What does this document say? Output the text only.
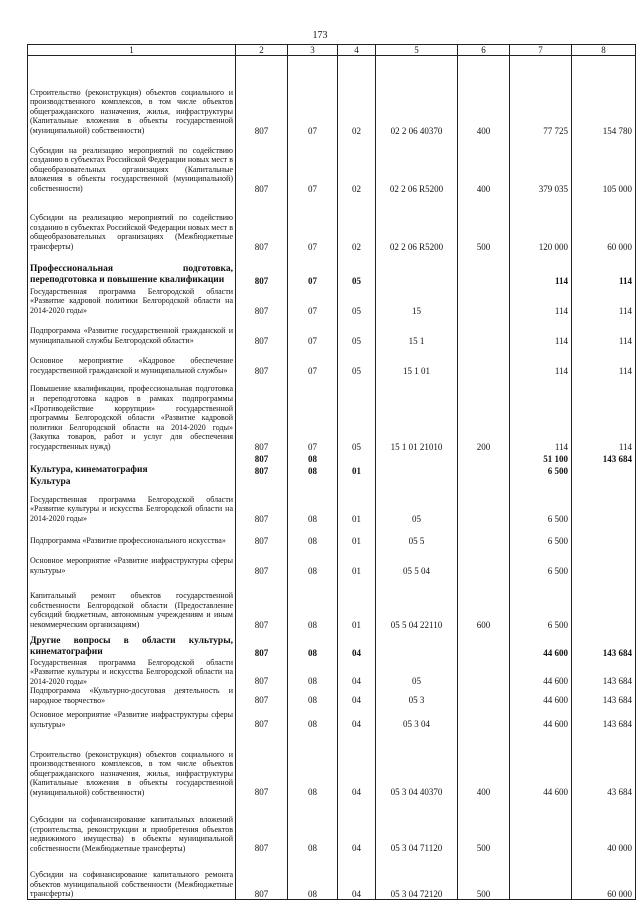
173
1	2	3	4	5	6	7	8
Строительство (реконструкция) объектов социального и производственного комплексов, в том числе объектов общегражданского назначения, жилья, инфраструктуры (Капитальные вложения в объекты государственной (муниципальной) собственности)	807	07	02	02 2 06 40370	400	77 725	154 780
Субсидии на реализацию мероприятий по содействию созданию в субъектах Российской Федерации новых мест в общеобразовательных организациях (Капитальные вложения в объекты государственной (муниципальной) собственности)	807	07	02	02 2 06 R5200	400	379 035	105 000
Субсидии на реализацию мероприятий по содействию созданию в субъектах Российской Федерации новых мест в общеобразовательных организациях (Межбюджетные трансферты)	807	07	02	02 2 06 R5200	500	120 000	60 000
Профессиональная подготовка, переподготовка и повышение квалификации	807	07	05			114	114
Государственная программа Белгородской области «Развитие кадровой политики Белгородской области на 2014-2020 годы»	807	07	05	15		114	114
Подпрограмма «Развитие государственной гражданской и муниципальной службы Белгородской области»	807	07	05	15 1		114	114
Основное мероприятие «Кадровое обеспечение государственной гражданской и муниципальной службы»	807	07	05	15 1 01		114	114
Повышение квалификации, профессиональная подготовка и переподготовка кадров в рамках подпрограммы «Противодействие коррупции» государственной программы Белгородской области «Развитие кадровой политики Белгородской области на 2014-2020 годы» (Закупка товаров, работ и услуг для обеспечения государственных нужд)	807	07	05	15 1 01 21010	200	114	114
	807	08				51 100	143 684
Культура, кинематография	807	08	01			6 500	
Культура							
Государственная программа Белгородской области «Развитие культуры и искусства Белгородской области на 2014-2020 годы»	807	08	01	05		6 500	
Подпрограмма «Развитие профессионального искусства»	807	08	01	05 5		6 500	
Основное мероприятие «Развитие инфраструктуры сферы культуры»	807	08	01	05 5 04		6 500	
Капитальный ремонт объектов государственной собственности Белгородской области (Предоставление субсидий бюджетным, автономным учреждениям и иным некоммерческим организациям)	807	08	01	05 5 04 22110	600	6 500	
Другие вопросы в области культуры, кинематографии	807	08	04			44 600	143 684
Государственная программа Белгородской области «Развитие культуры и искусства Белгородской области на 2014-2020 годы»	807	08	04	05		44 600	143 684
Подпрограмма «Культурно-досуговая деятельность и народное творчество»	807	08	04	05 3		44 600	143 684
Основное мероприятие «Развитие инфраструктуры сферы культуры»	807	08	04	05 3 04		44 600	143 684
Строительство (реконструкция) объектов социального и производственного комплексов, в том числе объектов общегражданского назначения, жилья, инфраструктуры (Капитальные вложения в объекты государственной (муниципальной) собственности)	807	08	04	05 3 04 40370	400	44 600	43 684
Субсидии на софинансирование капитальных вложений (строительства, реконструкции и приобретения объектов недвижимого имущества) в объекты муниципальной собственности (Межбюджетные трансферты)	807	08	04	05 3 04 71120	500		40 000
Субсидии на софинансирование капитального ремонта объектов муниципальной собственности (Межбюджетные трансферты)	807	08	04	05 3 04 72120	500		60 000
